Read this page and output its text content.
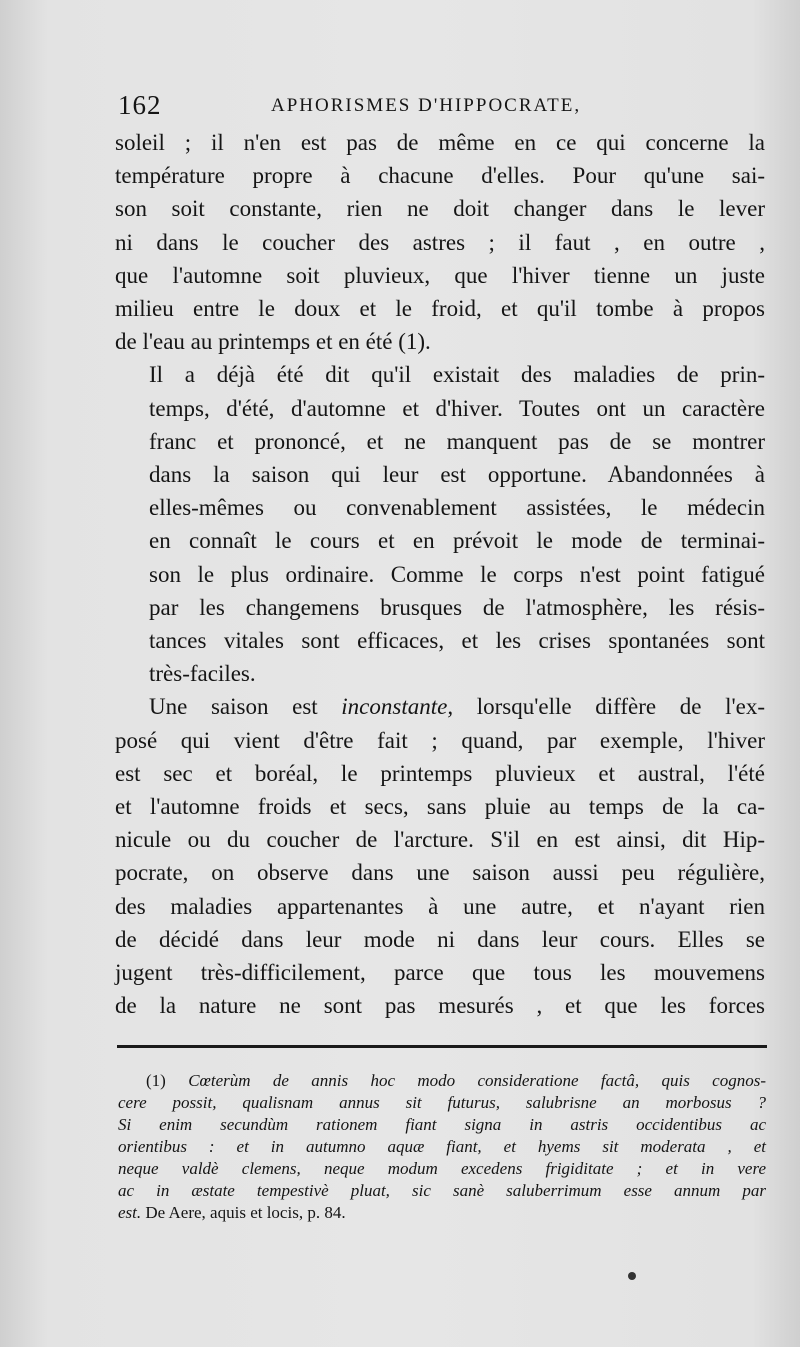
162	APHORISMES D'HIPPOCRATE,

soleil ; il n'en est pas de même en ce qui concerne la
température propre à chacune d'elles. Pour qu'une sai-
son soit constante, rien ne doit changer dans le lever
ni dans le coucher des astres ; il faut , en outre ,
que l'automne soit pluvieux, que l'hiver tienne un juste
milieu entre le doux et le froid, et qu'il tombe à propos
de l'eau au printemps et en été (1).

Il a déjà été dit qu'il existait des maladies de prin-
temps, d'été, d'automne et d'hiver. Toutes ont un caractère
franc et prononcé, et ne manquent pas de se montrer
dans la saison qui leur est opportune. Abandonnées à
elles-mêmes ou convenablement assistées, le médecin
en connaît le cours et en prévoit le mode de terminai-
son le plus ordinaire. Comme le corps n'est point fatigué
par les changemens brusques de l'atmosphère, les résis-
tances vitales sont efficaces, et les crises spontanées sont
très-faciles.

Une saison est inconstante, lorsqu'elle diffère de l'ex-
posé qui vient d'être fait ; quand, par exemple, l'hiver
est sec et boréal, le printemps pluvieux et austral, l'été
et l'automne froids et secs, sans pluie au temps de la ca-
nicule ou du coucher de l'arcture. S'il en est ainsi, dit Hip-
pocrate, on observe dans une saison aussi peu régulière,
des maladies appartenantes à une autre, et n'ayant rien
de décidé dans leur mode ni dans leur cours. Elles se
jugent très-difficilement, parce que tous les mouvemens
de la nature ne sont pas mesurés , et que les forces

(1) Cœterùm de annis hoc modo consideratione factâ, quis cognos-
cere possit, qualisnam annus sit futurus, salubrisne an morbosus ?
Si enim secundùm rationem fiant signa in astris occidentibus ac
orientibus : et in autumno aquæ fiant, et hyems sit moderata , et
neque valdè clemens, neque modum excedens frigiditate ; et in vere
ac in æstate tempestivè pluat, sic sanè saluberrimum esse annum par
est. De Aere, aquis et locis, p. 84.
